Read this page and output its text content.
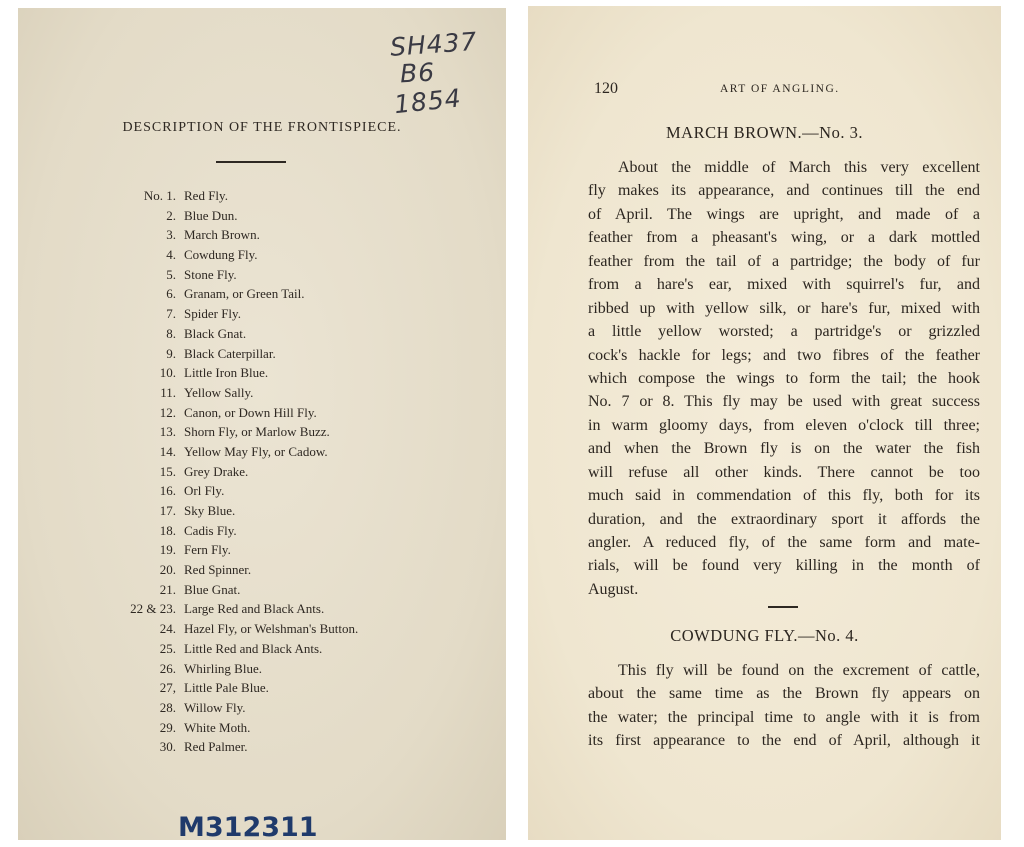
SH437
B6
1854
DESCRIPTION OF THE FRONTISPIECE.
No. 1. Red Fly.
2. Blue Dun.
3. March Brown.
4. Cowdung Fly.
5. Stone Fly.
6. Granam, or Green Tail.
7. Spider Fly.
8. Black Gnat.
9. Black Caterpillar.
10. Little Iron Blue.
11. Yellow Sally.
12. Canon, or Down Hill Fly.
13. Shorn Fly, or Marlow Buzz.
14. Yellow May Fly, or Cadow.
15. Grey Drake.
16. Orl Fly.
17. Sky Blue.
18. Cadis Fly.
19. Fern Fly.
20. Red Spinner.
21. Blue Gnat.
22 & 23. Large Red and Black Ants.
24. Hazel Fly, or Welshman's Button.
25. Little Red and Black Ants.
26. Whirling Blue.
27, Little Pale Blue.
28. Willow Fly.
29. White Moth.
30. Red Palmer.
M312311
120	ART OF ANGLING.
MARCH BROWN.—No. 3.

About the middle of March this very excellent
fly makes its appearance, and continues till the end
of April. The wings are upright, and made of a
feather from a pheasant's wing, or a dark mottled
feather from the tail of a partridge; the body of fur
from a hare's ear, mixed with squirrel's fur, and
ribbed up with yellow silk, or hare's fur, mixed with
a little yellow worsted; a partridge's or grizzled
cock's hackle for legs; and two fibres of the feather
which compose the wings to form the tail; the hook
No. 7 or 8. This fly may be used with great success
in warm gloomy days, from eleven o'clock till three;
and when the Brown fly is on the water the fish
will refuse all other kinds. There cannot be too
much said in commendation of this fly, both for its
duration, and the extraordinary sport it affords the
angler. A reduced fly, of the same form and mate-
rials, will be found very killing in the month of
August.

COWDUNG FLY.—No. 4.

This fly will be found on the excrement of cattle,
about the same time as the Brown fly appears on
the water; the principal time to angle with it is from
its first appearance to the end of April, although it
